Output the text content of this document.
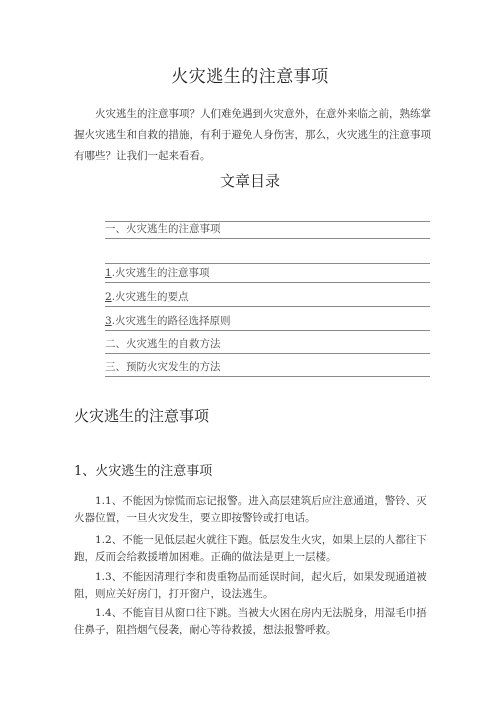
火灾逃生的注意事项

火灾逃生的注意事项？人们难免遇到火灾意外，在意外来临之前，熟练掌握火灾逃生和自救的措施，有利于避免人身伤害，那么，火灾逃生的注意事项有哪些？让我们一起来看看。

文章目录
一、火灾逃生的注意事项
1.火灾逃生的注意事项
2.火灾逃生的要点
3.火灾逃生的路径选择原则
二、火灾逃生的自救方法
三、预防火灾发生的方法
火灾逃生的注意事项
1、火灾逃生的注意事项

1.1、不能因为惊慌而忘记报警。进入高层建筑后应注意通道，警铃、灭火器位置，一旦火灾发生，要立即按警铃或打电话。

1.2、不能一见低层起火就往下跑。低层发生火灾，如果上层的人都往下跑，反而会给救援增加困难。正确的做法是更上一层楼。

1.3、不能因清理行李和贵重物品而延误时间，起火后，如果发现通道被阻，则应关好房门，打开窗户，设法逃生。

1.4、不能盲目从窗口往下跳。当被大火困在房内无法脱身，用湿毛巾捂住鼻子，阻挡烟气侵袭，耐心等待救援，想法报警呼救。
